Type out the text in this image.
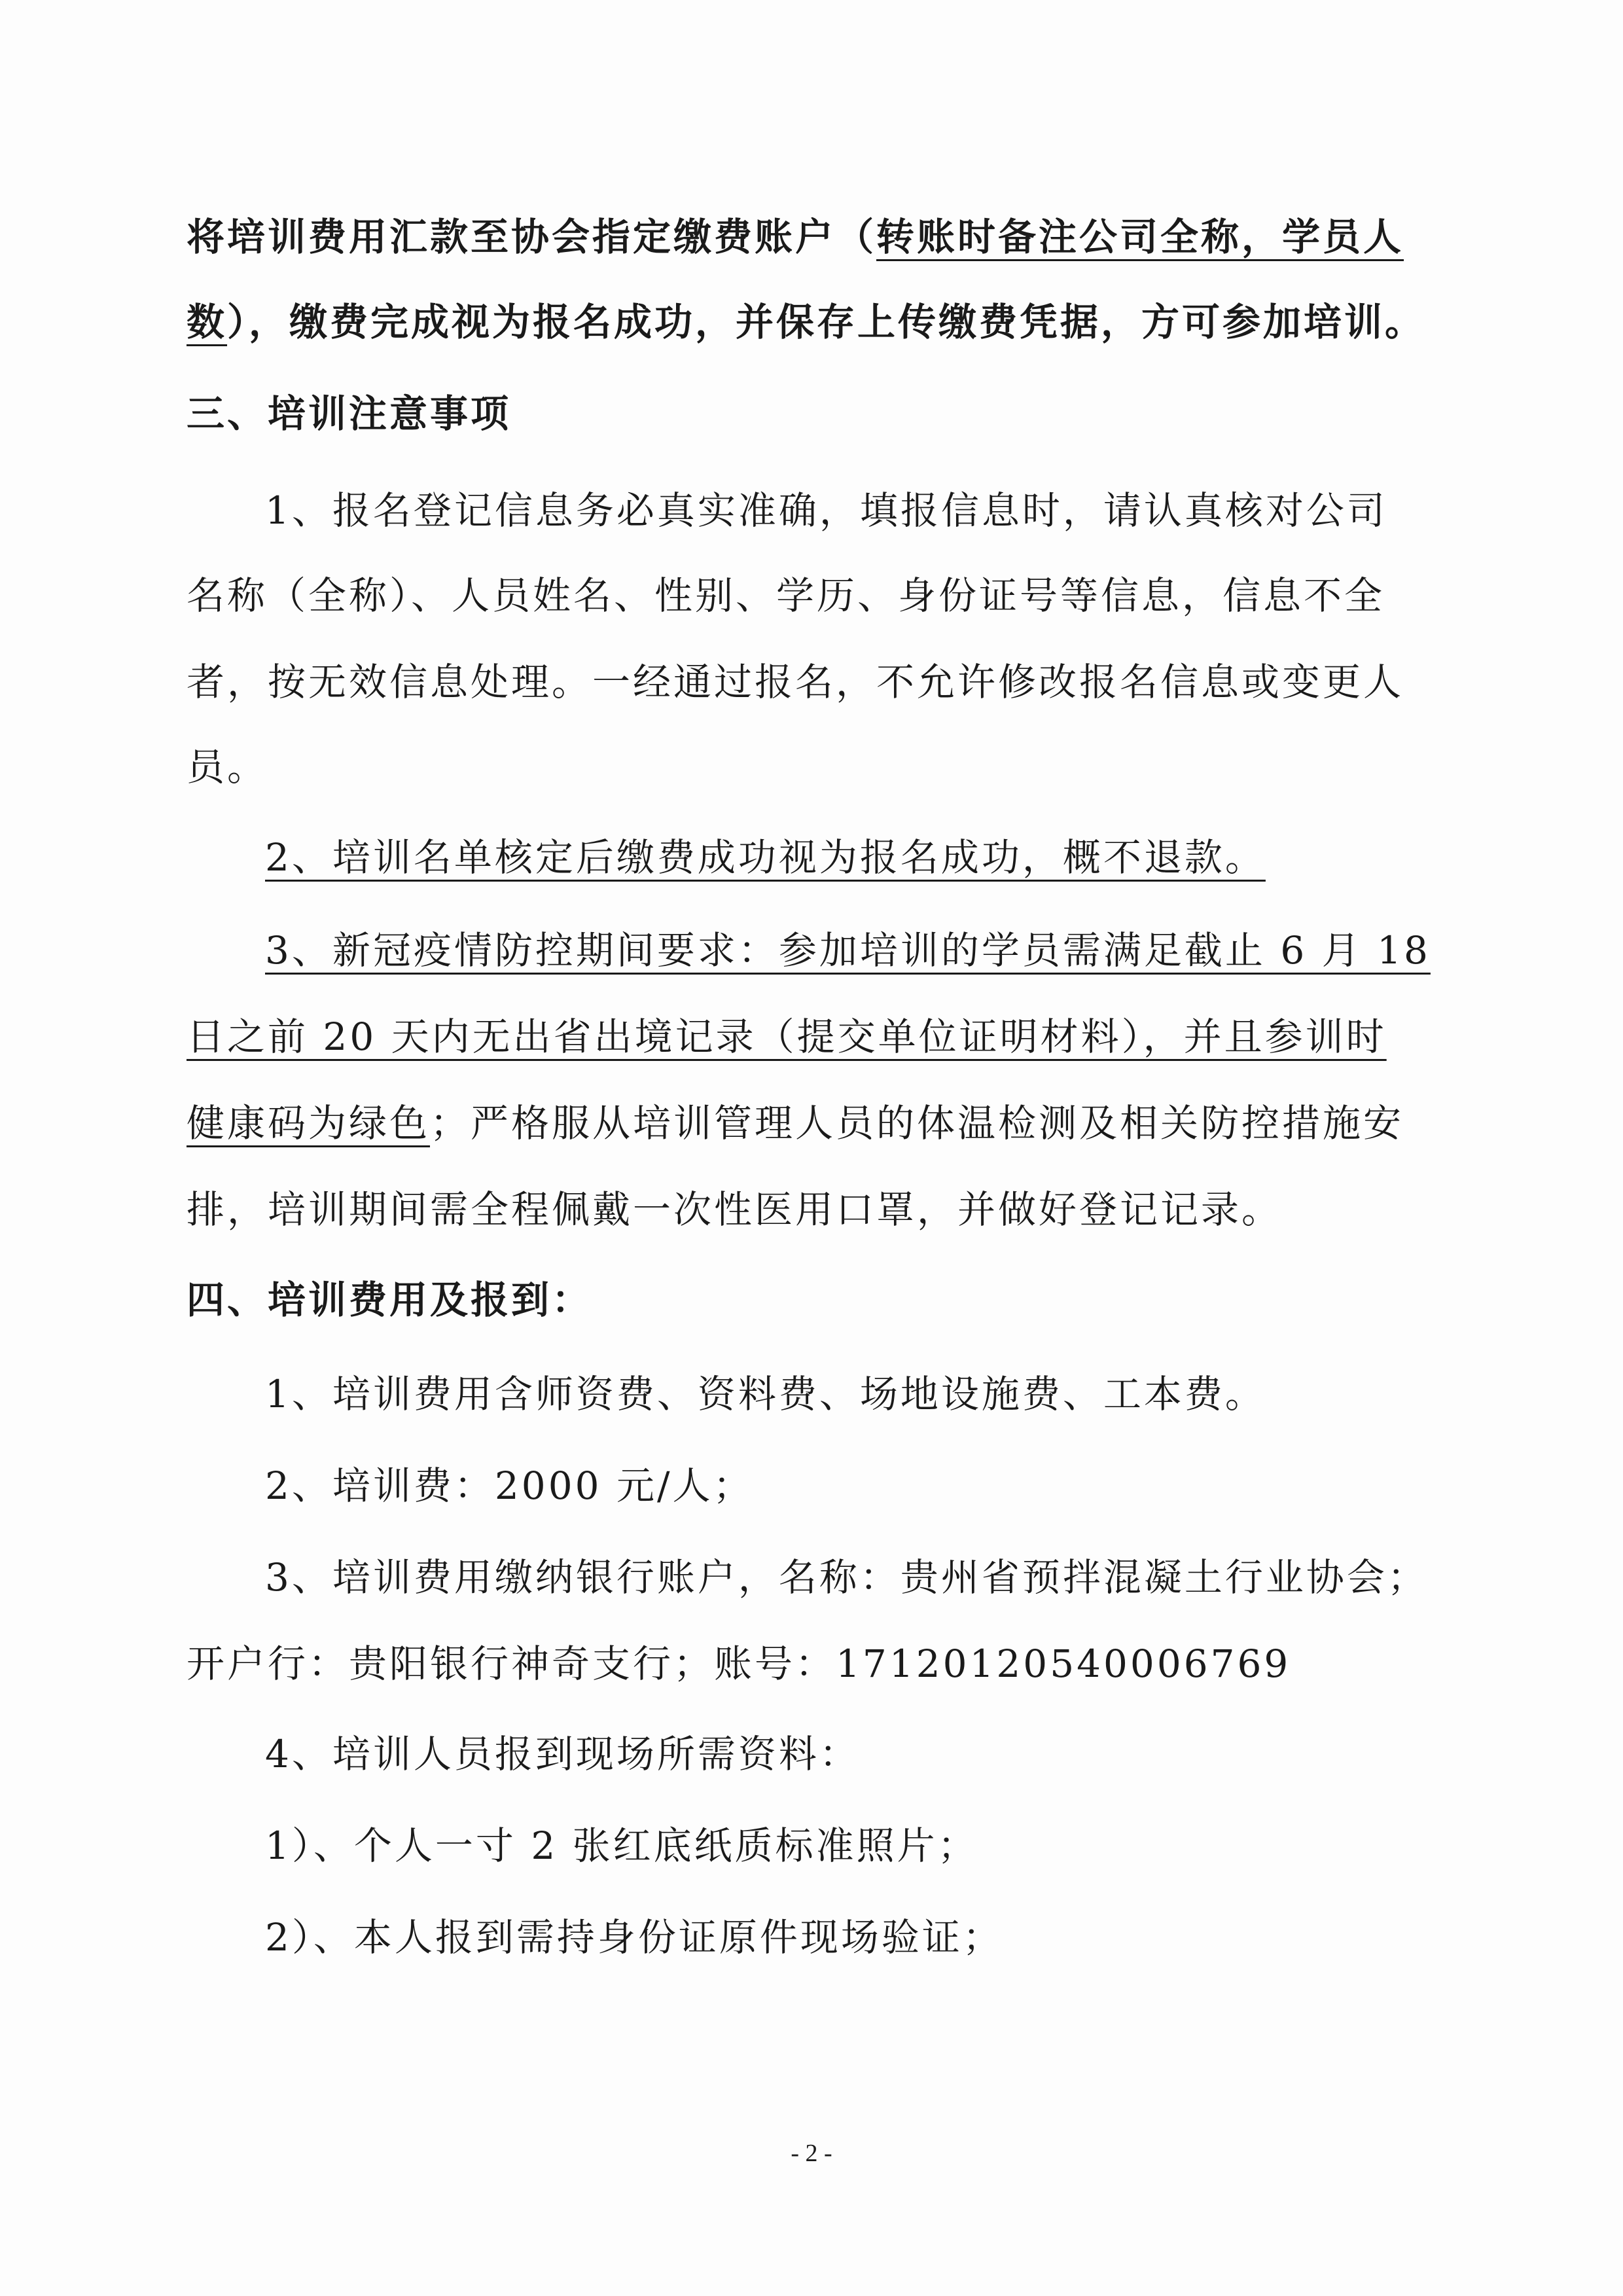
将培训费用汇款至协会指定缴费账户（转账时备注公司全称，学员人
数），缴费完成视为报名成功，并保存上传缴费凭据，方可参加培训。
三、培训注意事项
1、报名登记信息务必真实准确，填报信息时，请认真核对公司
名称（全称）、人员姓名、性别、学历、身份证号等信息，信息不全
者，按无效信息处理。一经通过报名，不允许修改报名信息或变更人
员。
2、培训名单核定后缴费成功视为报名成功，概不退款。
3、新冠疫情防控期间要求：参加培训的学员需满足截止 6 月 18
日之前 20 天内无出省出境记录（提交单位证明材料），并且参训时
健康码为绿色；严格服从培训管理人员的体温检测及相关防控措施安
排，培训期间需全程佩戴一次性医用口罩，并做好登记记录。
四、培训费用及报到：
1、培训费用含师资费、资料费、场地设施费、工本费。
2、培训费：2000 元/人；
3、培训费用缴纳银行账户，名称：贵州省预拌混凝土行业协会；
开户行：贵阳银行神奇支行；账号：17120120540006769
4、培训人员报到现场所需资料：
1）、个人一寸 2 张红底纸质标准照片；
2）、本人报到需持身份证原件现场验证；
- 2 -
